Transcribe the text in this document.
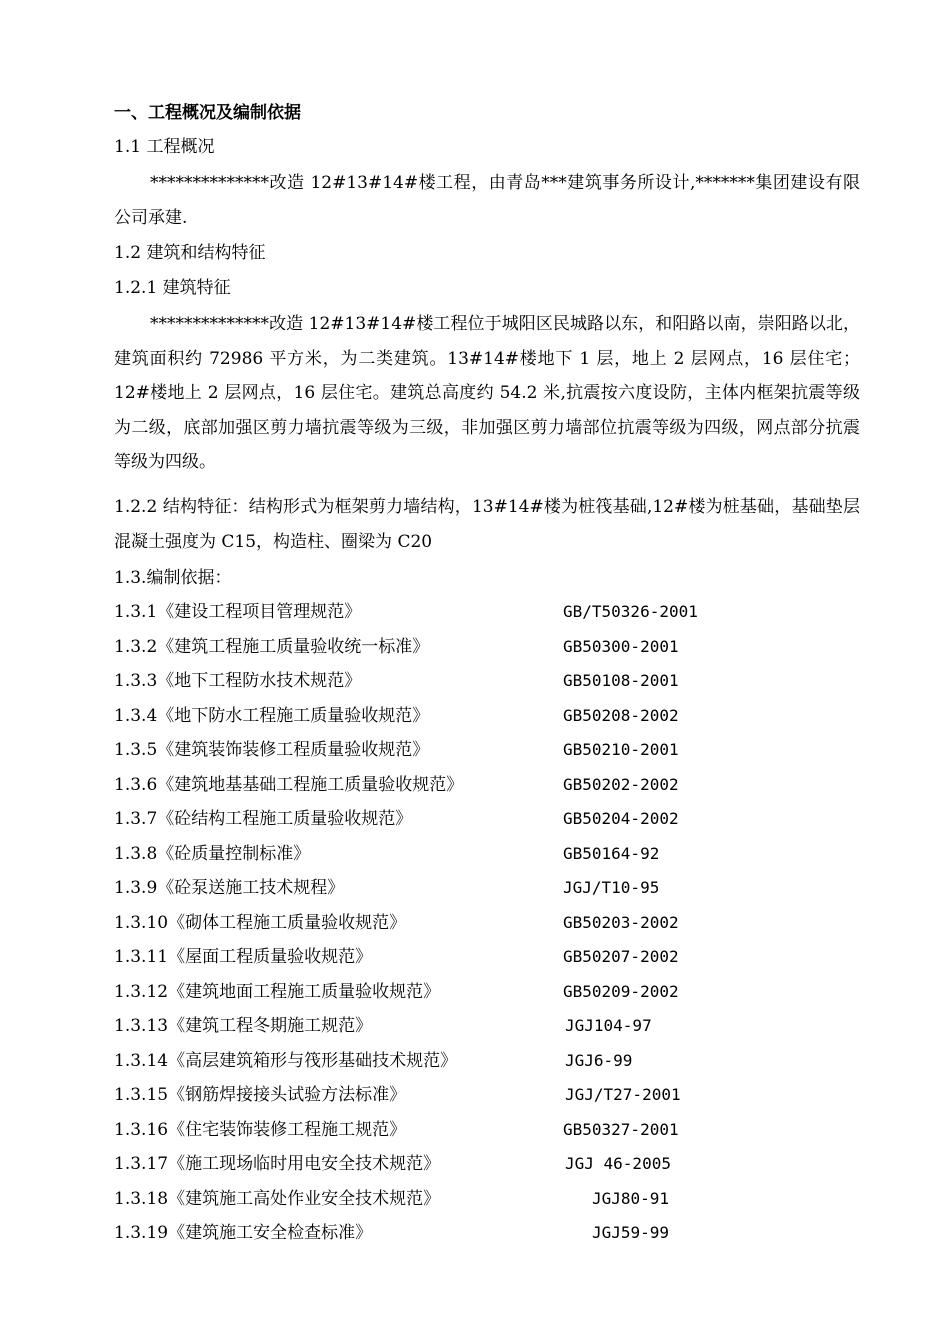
一、工程概况及编制依据
1.1 工程概况
**************改造 12#13#14#楼工程，由青岛***建筑事务所设计,*******集团建设有限公司承建.
1.2 建筑和结构特征
1.2.1 建筑特征
**************改造 12#13#14#楼工程位于城阳区民城路以东，和阳路以南，崇阳路以北，建筑面积约 72986 平方米，为二类建筑。13#14#楼地下 1 层，地上 2 层网点，16 层住宅；12#楼地上 2 层网点，16 层住宅。建筑总高度约 54.2 米,抗震按六度设防，主体内框架抗震等级为二级，底部加强区剪力墙抗震等级为三级，非加强区剪力墙部位抗震等级为四级，网点部分抗震等级为四级。
1.2.2 结构特征：结构形式为框架剪力墙结构，13#14#楼为桩筏基础,12#楼为桩基础，基础垫层混凝土强度为 C15，构造柱、圈梁为 C20
1.3.编制依据：
1.3.1《建设工程项目管理规范》	GB/T50326-2001
1.3.2《建筑工程施工质量验收统一标准》	GB50300-2001
1.3.3《地下工程防水技术规范》	GB50108-2001
1.3.4《地下防水工程施工质量验收规范》	GB50208-2002
1.3.5《建筑装饰装修工程质量验收规范》	GB50210-2001
1.3.6《建筑地基基础工程施工质量验收规范》	GB50202-2002
1.3.7《砼结构工程施工质量验收规范》	GB50204-2002
1.3.8《砼质量控制标准》	GB50164-92
1.3.9《砼泵送施工技术规程》	JGJ/T10-95
1.3.10《砌体工程施工质量验收规范》	GB50203-2002
1.3.11《屋面工程质量验收规范》	GB50207-2002
1.3.12《建筑地面工程施工质量验收规范》	GB50209-2002
1.3.13《建筑工程冬期施工规范》	JGJ104-97
1.3.14《高层建筑箱形与筏形基础技术规范》	JGJ6-99
1.3.15《钢筋焊接接头试验方法标准》	JGJ/T27-2001
1.3.16《住宅装饰装修工程施工规范》	GB50327-2001
1.3.17《施工现场临时用电安全技术规范》	JGJ 46-2005
1.3.18《建筑施工高处作业安全技术规范》	JGJ80-91
1.3.19《建筑施工安全检查标准》	JGJ59-99
